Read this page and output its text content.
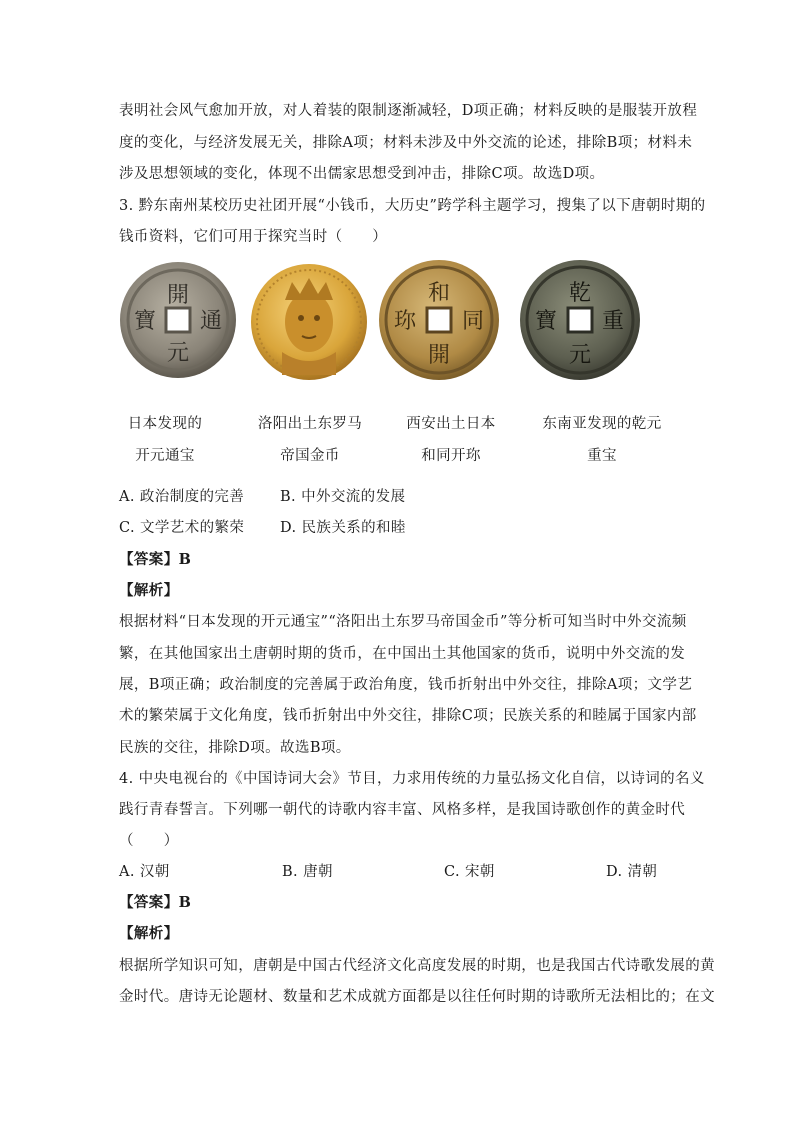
表明社会风气愈加开放，对人着装的限制逐渐减轻，D项正确；材料反映的是服装开放程
度的变化，与经济发展无关，排除A项；材料未涉及中外交流的论述，排除B项；材料未
涉及思想领域的变化，体现不出儒家思想受到冲击，排除C项。故选D项。
3. 黔东南州某校历史社团开展“小钱币，大历史”跨学科主题学习，搜集了以下唐朝时期的
钱币资料，它们可用于探究当时（　　）
開
通
元
寶
和
同
開
珎
乾
重
元
寶
日本发现的
开元通宝
洛阳出土东罗马
帝国金币
西安出土日本
和同开珎
东南亚发现的乾元
重宝
A. 政治制度的完善 B. 中外交流的发展
C. 文学艺术的繁荣 D. 民族关系的和睦
【答案】B
【解析】
根据材料“日本发现的开元通宝”“洛阳出土东罗马帝国金币”等分析可知当时中外交流频
繁，在其他国家出土唐朝时期的货币，在中国出土其他国家的货币，说明中外交流的发
展，B项正确；政治制度的完善属于政治角度，钱币折射出中外交往，排除A项；文学艺
术的繁荣属于文化角度，钱币折射出中外交往，排除C项；民族关系的和睦属于国家内部
民族的交往，排除D项。故选B项。
4. 中央电视台的《中国诗词大会》节目，力求用传统的力量弘扬文化自信，以诗词的名义
践行青春誓言。下列哪一朝代的诗歌内容丰富、风格多样，是我国诗歌创作的黄金时代
（　　）
A. 汉朝	B. 唐朝	C. 宋朝	D. 清朝
【答案】B
【解析】
根据所学知识可知，唐朝是中国古代经济文化高度发展的时期，也是我国古代诗歌发展的黄
金时代。唐诗无论题材、数量和艺术成就方面都是以往任何时期的诗歌所无法相比的；在文
